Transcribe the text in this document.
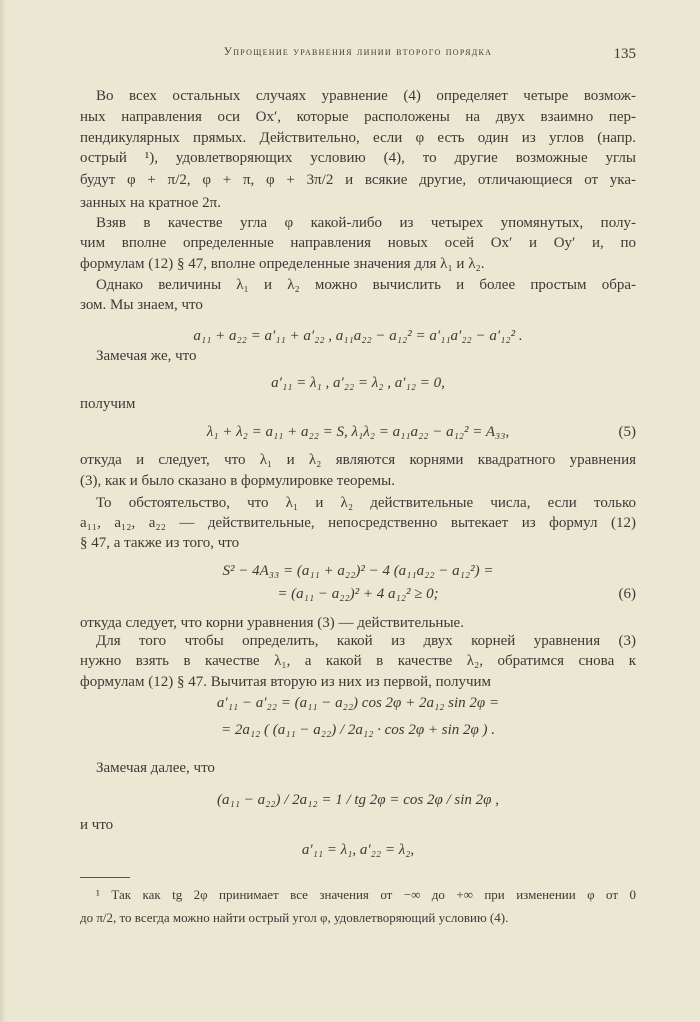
Упрощение уравнения линии второго порядка	135
Во всех остальных случаях уравнение (4) определяет четыре возмож-
ных направления оси Ox′, которые расположены на двух взаимно пер-
пендикулярных прямых. Действительно, если φ есть один из углов (напр.
острый ¹), удовлетворяющих условию (4), то другие возможные углы
будут φ + π/2, φ + π, φ + 3π/2 и всякие другие, отличающиеся от ука-
занных на кратное 2π.
Взяв в качестве угла φ какой-либо из четырех упомянутых, полу-
чим вполне определенные направления новых осей Ox′ и Oy′ и, по
формулам (12) § 47, вполне определенные значения для λ₁ и λ₂.
Однако величины λ₁ и λ₂ можно вычислить и более простым обра-
зом. Мы знаем, что
a₁₁ + a₂₂ = a′₁₁ + a′₂₂ , a₁₁a₂₂ − a₁₂² = a′₁₁a′₂₂ − a′₁₂² .
Замечая же, что
a′₁₁ = λ₁ , a′₂₂ = λ₂ , a′₁₂ = 0,
получим
λ₁ + λ₂ = a₁₁ + a₂₂ = S, λ₁λ₂ = a₁₁a₂₂ − a₁₂² = A₃₃,	(5)
откуда и следует, что λ₁ и λ₂ являются корнями квадратного уравнения
(3), как и было сказано в формулировке теоремы.
То обстоятельство, что λ₁ и λ₂ действительные числа, если только
a₁₁, a₁₂, a₂₂ — действительные, непосредственно вытекает из формул (12)
§ 47, а также из того, что
S² − 4A₃₃ = (a₁₁ + a₂₂)² − 4 (a₁₁a₂₂ − a₁₂²) =
= (a₁₁ − a₂₂)² + 4 a₁₂² ≥ 0;	(6)
откуда следует, что корни уравнения (3) — действительные.
Для того чтобы определить, какой из двух корней уравнения (3)
нужно взять в качестве λ₁, а какой в качестве λ₂, обратимся снова к
формулам (12) § 47. Вычитая вторую из них из первой, получим
a′₁₁ − a′₂₂ = (a₁₁ − a₂₂) cos 2φ + 2a₁₂ sin 2φ =
= 2a₁₂ ( (a₁₁ − a₂₂) / 2a₁₂ · cos 2φ + sin 2φ ) .
Замечая далее, что
(a₁₁ − a₂₂) / 2a₁₂ = 1 / tg 2φ = cos 2φ / sin 2φ ,
и что
a′₁₁ = λ₁, a′₂₂ = λ₂,
¹ Так как tg 2φ принимает все значения от −∞ до +∞ при изменении φ от 0
до π/2, то всегда можно найти острый угол φ, удовлетворяющий условию (4).
